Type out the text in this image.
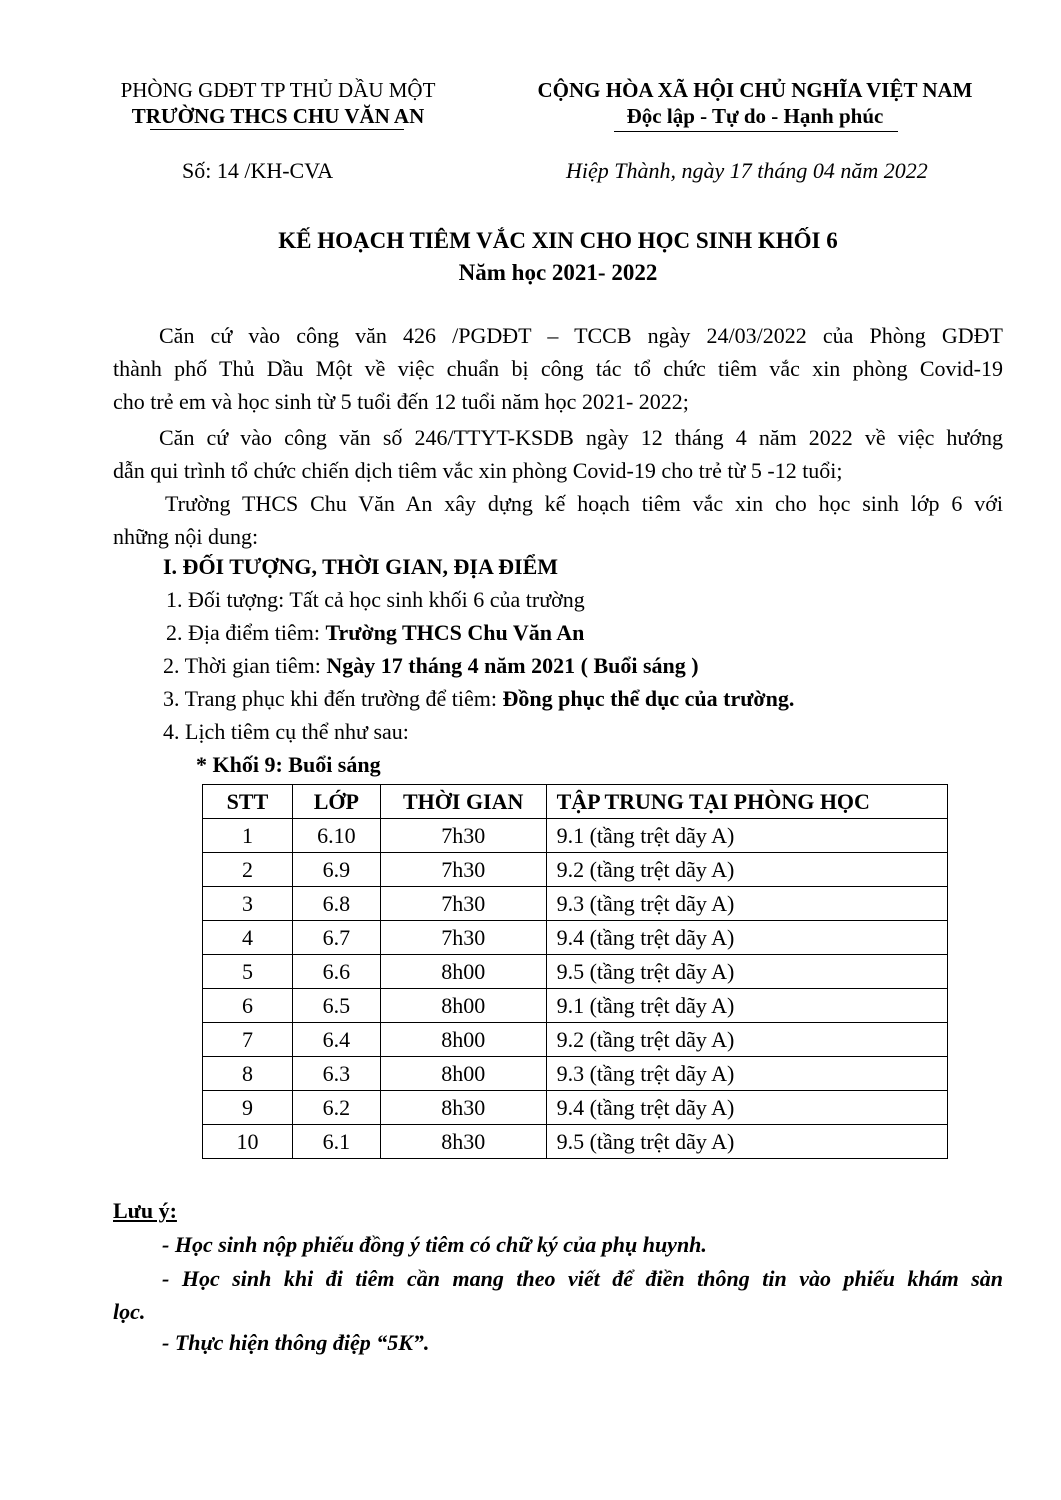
PHÒNG GDĐT TP THỦ DẦU MỘT
TRƯỜNG THCS CHU VĂN AN
CỘNG HÒA XÃ HỘI CHỦ NGHĨA VIỆT NAM
Độc lập - Tự do - Hạnh phúc
Số: 14 /KH-CVA	Hiệp Thành, ngày 17 tháng 04 năm 2022
KẾ HOẠCH TIÊM VẮC XIN CHO HỌC SINH KHỐI 6
Năm học 2021- 2022
Căn cứ vào công văn 426 /PGDĐT – TCCB ngày 24/03/2022 của Phòng GDĐT
thành phố Thủ Dầu Một về việc chuẩn bị công tác tổ chức tiêm vắc xin phòng Covid-19
cho trẻ em và học sinh từ 5 tuổi đến 12 tuổi năm học 2021- 2022;
Căn cứ vào công văn số 246/TTYT-KSDB ngày 12 tháng 4 năm 2022 về việc hướng
dẫn qui trình tổ chức chiến dịch tiêm vắc xin phòng Covid-19 cho trẻ từ 5 -12 tuổi;
Trường THCS Chu Văn An xây dựng kế hoạch tiêm vắc xin cho học sinh lớp 6 với
những nội dung:
I. ĐỐI TƯỢNG, THỜI GIAN, ĐỊA ĐIỂM
1. Đối tượng: Tất cả học sinh khối 6 của trường
2. Địa điểm tiêm: Trường THCS Chu Văn An
2. Thời gian tiêm: Ngày 17 tháng 4 năm 2021 ( Buổi sáng )
3. Trang phục khi đến trường để tiêm: Đồng phục thể dục của trường.
4. Lịch tiêm cụ thể như sau:
* Khối 9: Buổi sáng
STT	LỚP	THỜI GIAN	TẬP TRUNG TẠI PHÒNG HỌC
1	6.10	7h30	9.1 (tầng trệt dãy A)
2	6.9	7h30	9.2 (tầng trệt dãy A)
3	6.8	7h30	9.3 (tầng trệt dãy A)
4	6.7	7h30	9.4 (tầng trệt dãy A)
5	6.6	8h00	9.5 (tầng trệt dãy A)
6	6.5	8h00	9.1 (tầng trệt dãy A)
7	6.4	8h00	9.2 (tầng trệt dãy A)
8	6.3	8h00	9.3 (tầng trệt dãy A)
9	6.2	8h30	9.4 (tầng trệt dãy A)
10	6.1	8h30	9.5 (tầng trệt dãy A)
Lưu ý:
- Học sinh nộp phiếu đồng ý tiêm có chữ ký của phụ huynh.
- Học sinh khi đi tiêm cần mang theo viết để điền thông tin vào phiếu khám sàn
lọc.
- Thực hiện thông điệp “5K”.
